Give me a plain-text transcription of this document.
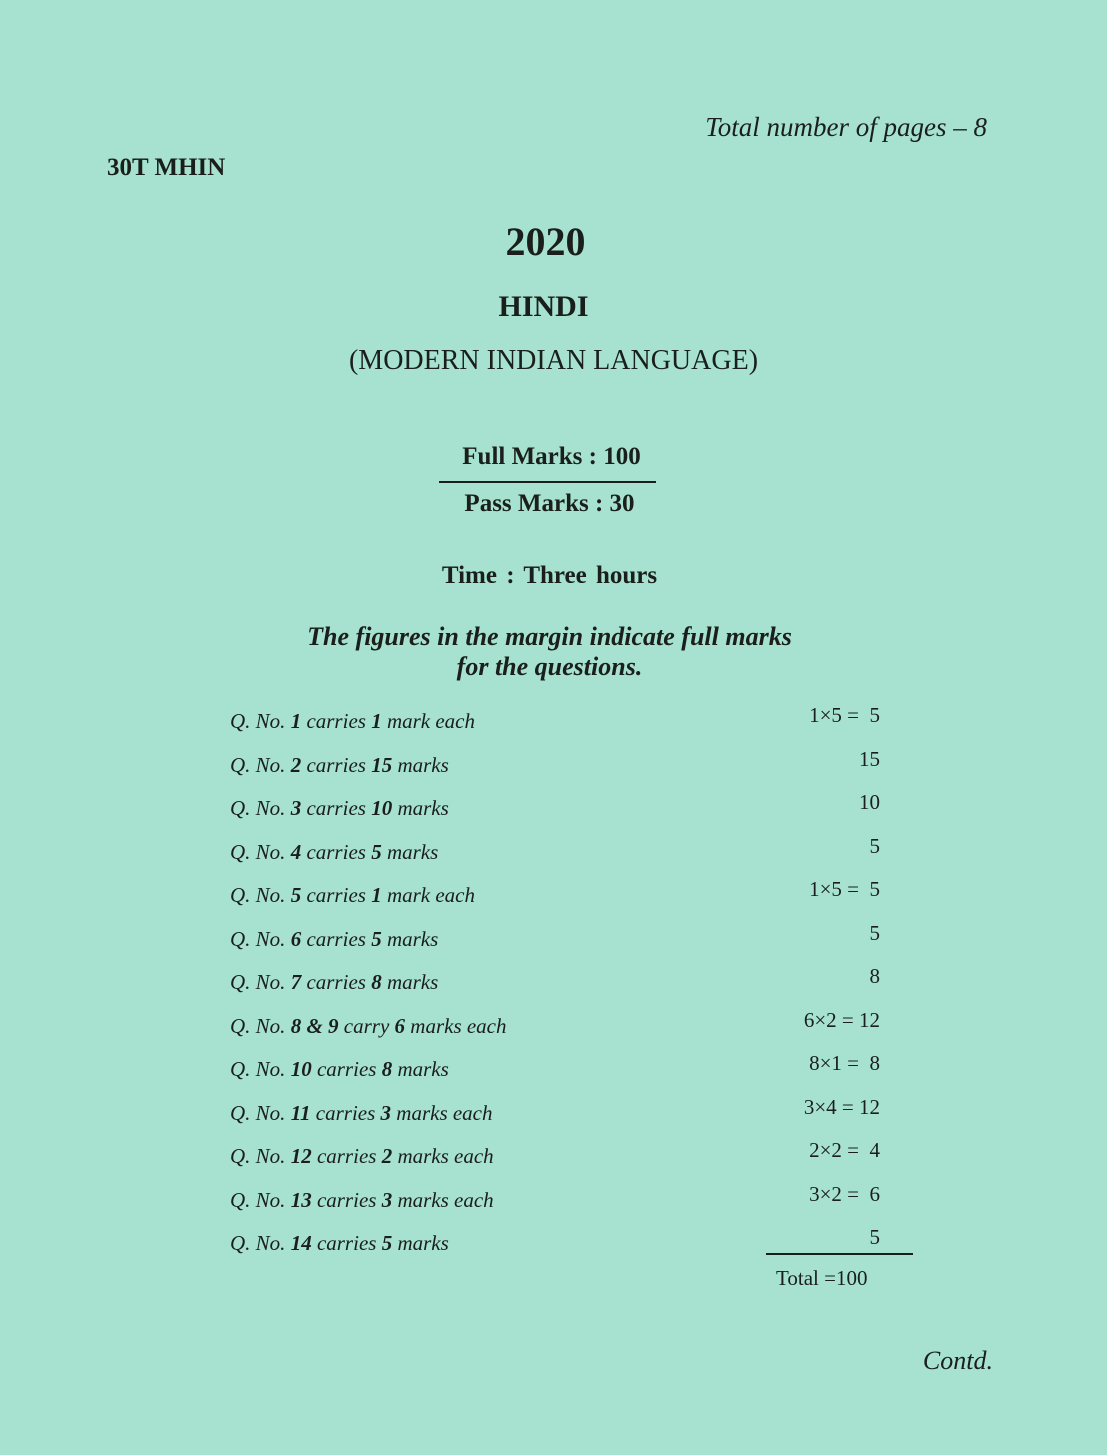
Total number of pages – 8
30T MHIN
2020
HINDI
(MODERN INDIAN LANGUAGE)
Full Marks : 100
Pass Marks : 30
Time : Three hours
The figures in the margin indicate full marks
for the questions.
Q. No. 1 carries 1 mark each	1×5 =  5
Q. No. 2 carries 15 marks	15
Q. No. 3 carries 10 marks	10
Q. No. 4 carries 5 marks	5
Q. No. 5 carries 1 mark each	1×5 =  5
Q. No. 6 carries 5 marks	5
Q. No. 7 carries 8 marks	8
Q. No. 8 & 9 carry 6 marks each	6×2 = 12
Q. No. 10 carries 8 marks	8×1 =  8
Q. No. 11 carries 3 marks each	3×4 = 12
Q. No. 12 carries 2 marks each	2×2 =  4
Q. No. 13 carries 3 marks each	3×2 =  6
Q. No. 14 carries 5 marks	5
Total =100
Contd.
